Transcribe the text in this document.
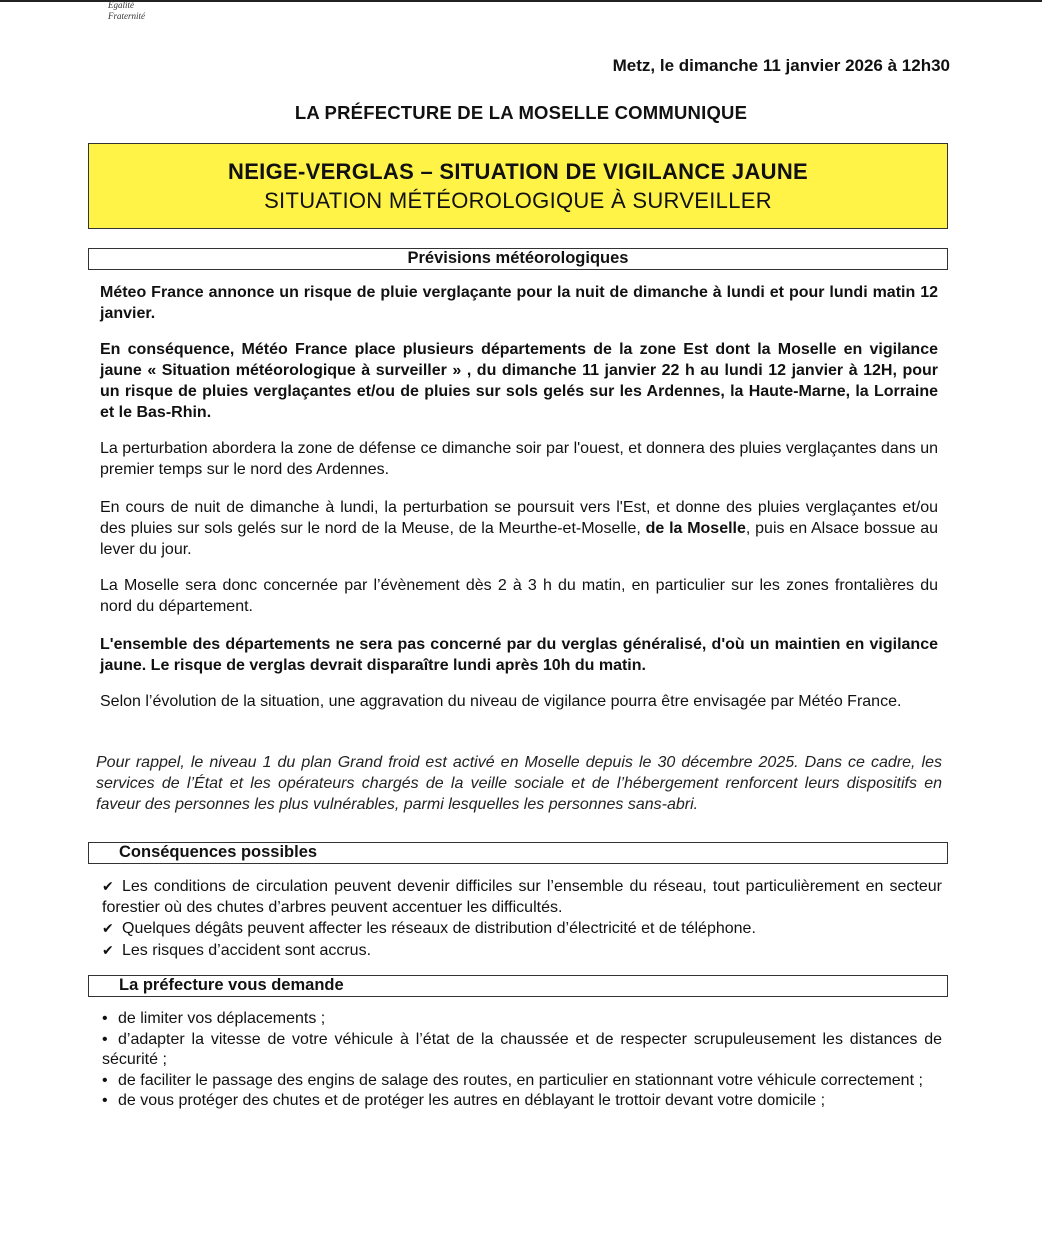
Égalité
Fraternité
Metz, le dimanche 11 janvier 2026 à 12h30
LA PRÉFECTURE DE LA MOSELLE COMMUNIQUE
NEIGE-VERGLAS – SITUATION DE VIGILANCE JAUNE
SITUATION MÉTÉOROLOGIQUE À SURVEILLER
Prévisions météorologiques
Méteo France annonce un risque de pluie verglaçante pour la nuit de dimanche à lundi et pour lundi matin 12 janvier.
En conséquence, Météo France place plusieurs départements de la zone Est dont la Moselle en vigilance jaune « Situation météorologique à surveiller » , du dimanche 11 janvier 22 h au lundi 12 janvier à 12H, pour un risque de pluies verglaçantes et/ou de pluies sur sols gelés sur les Ardennes, la Haute-Marne, la Lorraine et le Bas-Rhin.
La perturbation abordera la zone de défense ce dimanche soir par l'ouest, et donnera des pluies verglaçantes dans un premier temps sur le nord des Ardennes.
En cours de nuit de dimanche à lundi, la perturbation se poursuit vers l'Est, et donne des pluies verglaçantes et/ou des pluies sur sols gelés sur le nord de la Meuse, de la Meurthe-et-Moselle, de la Moselle, puis en Alsace bossue au lever du jour.
La Moselle sera donc concernée par l’évènement dès 2 à 3 h du matin, en particulier sur les zones frontalières du nord du département.
L'ensemble des départements ne sera pas concerné par du verglas généralisé, d'où un maintien en vigilance jaune. Le risque de verglas devrait disparaître lundi après 10h du matin.
Selon l’évolution de la situation, une aggravation du niveau de vigilance pourra être envisagée par Météo France.
Pour rappel, le niveau 1 du plan Grand froid est activé en Moselle depuis le 30 décembre 2025. Dans ce cadre, les services de l’État et les opérateurs chargés de la veille sociale et de l’hébergement renforcent leurs dispositifs en faveur des personnes les plus vulnérables, parmi lesquelles les personnes sans-abri.
Conséquences possibles
✔ Les conditions de circulation peuvent devenir difficiles sur l’ensemble du réseau, tout particulièrement en secteur forestier où des chutes d’arbres peuvent accentuer les difficultés.
✔ Quelques dégâts peuvent affecter les réseaux de distribution d’électricité et de téléphone.
✔ Les risques d’accident sont accrus.
La préfecture vous demande
• de limiter vos déplacements ;
• d’adapter la vitesse de votre véhicule à l’état de la chaussée et de respecter scrupuleusement les distances de sécurité ;
• de faciliter le passage des engins de salage des routes, en particulier en stationnant votre véhicule correctement ;
• de vous protéger des chutes et de protéger les autres en déblayant le trottoir devant votre domicile ;
